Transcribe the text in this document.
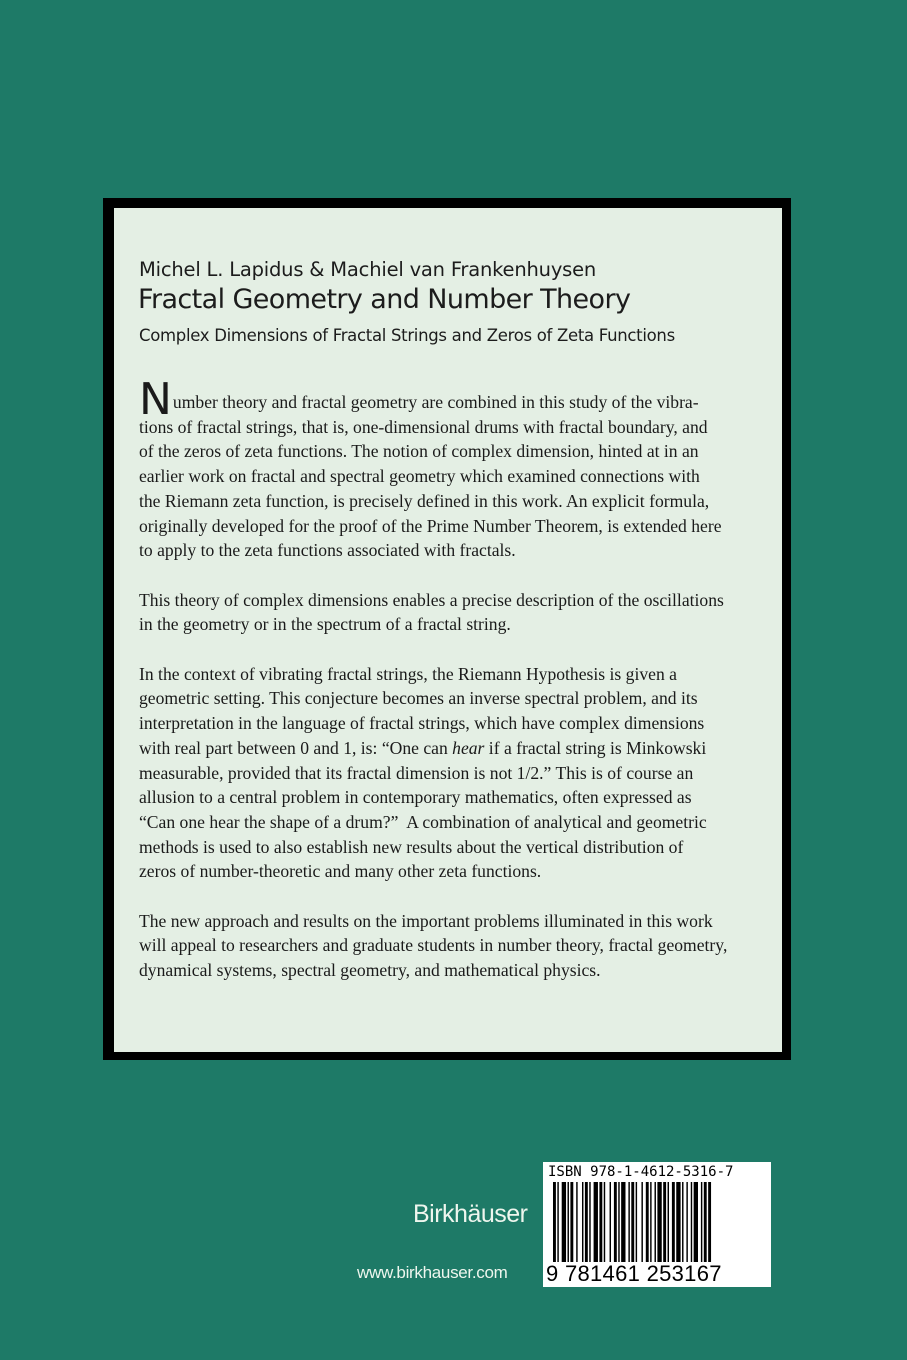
Michel L. Lapidus & Machiel van Frankenhuysen
Fractal Geometry and Number Theory
Complex Dimensions of Fractal Strings and Zeros of Zeta Functions

Number theory and fractal geometry are combined in this study of the vibra-
tions of fractal strings, that is, one-dimensional drums with fractal boundary, and
of the zeros of zeta functions. The notion of complex dimension, hinted at in an
earlier work on fractal and spectral geometry which examined connections with
the Riemann zeta function, is precisely defined in this work. An explicit formula,
originally developed for the proof of the Prime Number Theorem, is extended here
to apply to the zeta functions associated with fractals.

This theory of complex dimensions enables a precise description of the oscillations
in the geometry or in the spectrum of a fractal string.

In the context of vibrating fractal strings, the Riemann Hypothesis is given a
geometric setting. This conjecture becomes an inverse spectral problem, and its
interpretation in the language of fractal strings, which have complex dimensions
with real part between 0 and 1, is: “One can hear if a fractal string is Minkowski
measurable, provided that its fractal dimension is not 1/2.” This is of course an
allusion to a central problem in contemporary mathematics, often expressed as
“Can one hear the shape of a drum?”  A combination of analytical and geometric
methods is used to also establish new results about the vertical distribution of
zeros of number-theoretic and many other zeta functions.

The new approach and results on the important problems illuminated in this work
will appeal to researchers and graduate students in number theory, fractal geometry,
dynamical systems, spectral geometry, and mathematical physics.

Birkhäuser
www.birkhauser.com
ISBN 978-1-4612-5316-7
9 781461 253167
